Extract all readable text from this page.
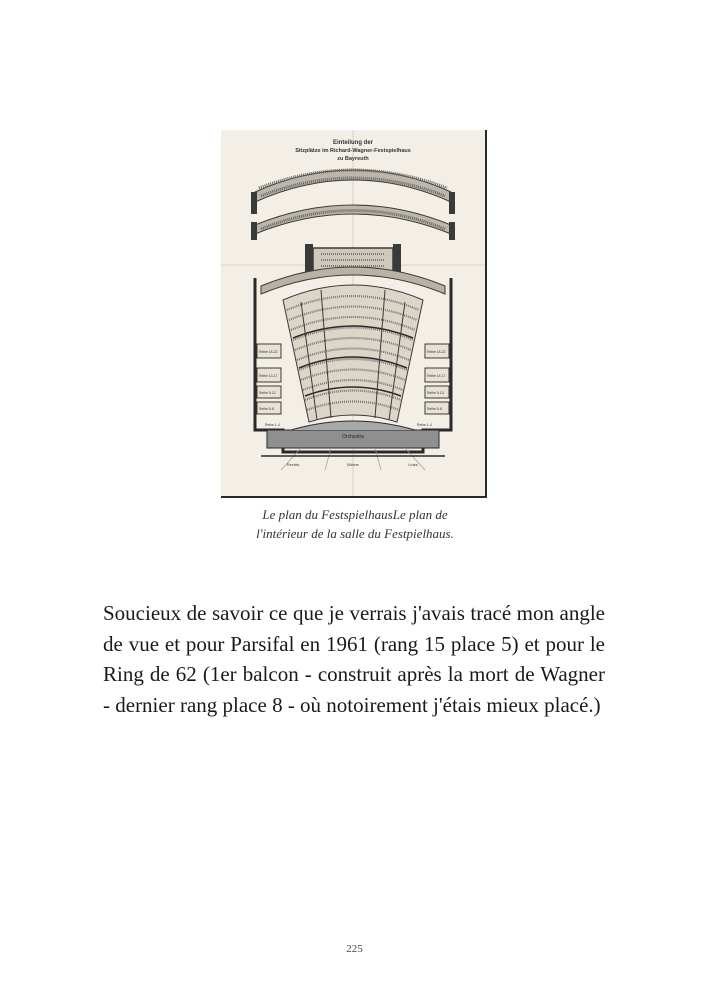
Einteilung der
Sitzplätze im Richard-Wagner-Festspielhaus
zu Bayreuth
Reihe 18-22
Reihe 13-17
Reihe 9-12
Reihe 5-8
Reihe 18-22
Reihe 14-17
Reihe 9-13
Reihe 5-8
Reihe 1-4	Reihe 1-4
Orchestra
Rechts	Bühne	Links
Le plan du FestspielhausLe plan de
l'intérieur de la salle du Festpielhaus.

Soucieux de savoir ce que je verrais j'avais tracé mon angle de vue et pour Parsifal en 1961 (rang 15 place 5) et pour le Ring de 62 (1er balcon - construit après la mort de Wagner - dernier rang place 8 - où notoirement j'étais mieux placé.)

225
